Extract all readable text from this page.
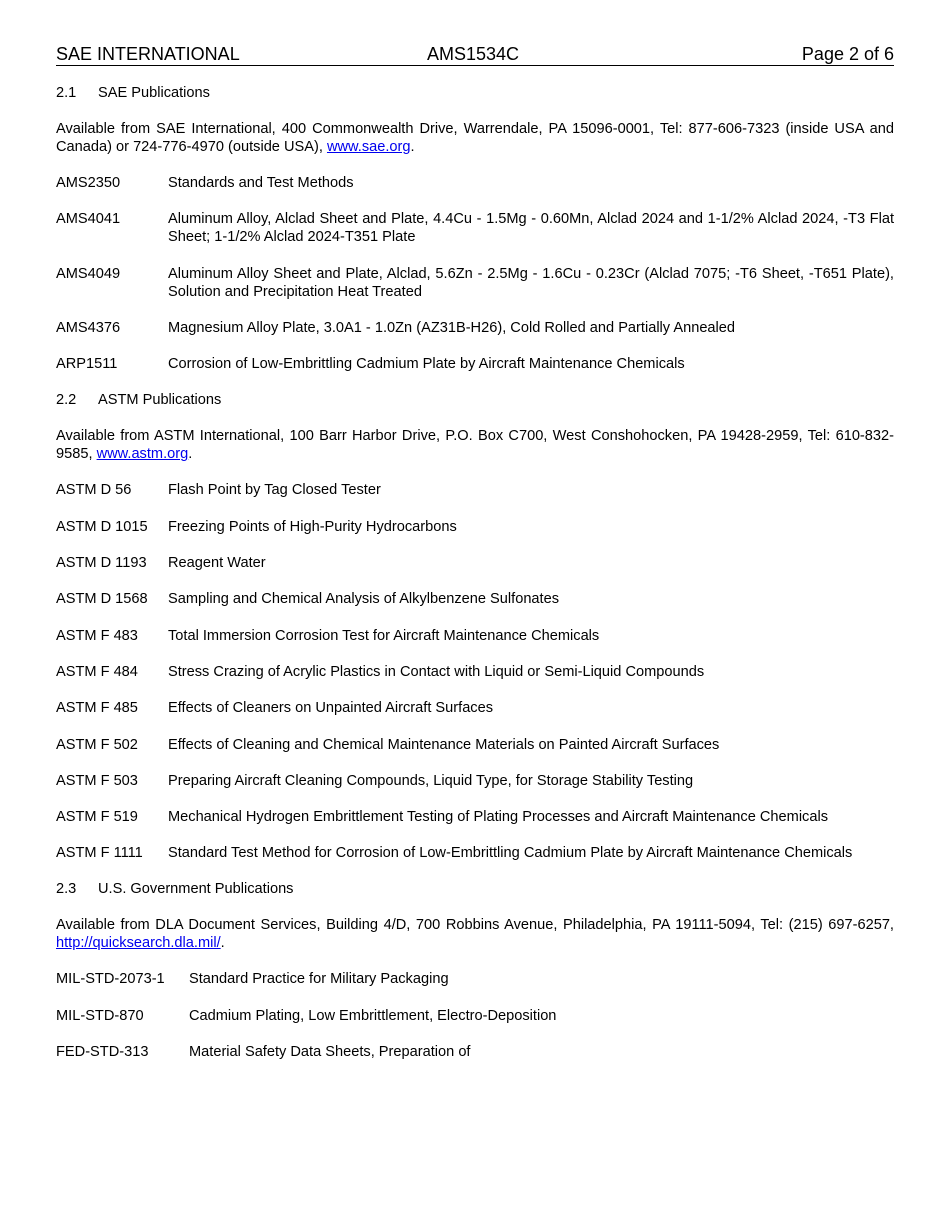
SAE INTERNATIONAL	AMS1534C	Page 2 of 6
2.1	SAE Publications
Available from SAE International, 400 Commonwealth Drive, Warrendale, PA 15096-0001, Tel: 877-606-7323 (inside USA and Canada) or 724-776-4970 (outside USA), www.sae.org.
AMS2350	Standards and Test Methods
AMS4041	Aluminum Alloy, Alclad Sheet and Plate, 4.4Cu - 1.5Mg - 0.60Mn, Alclad 2024 and 1-1/2% Alclad 2024, -T3 Flat Sheet; 1-1/2% Alclad 2024-T351 Plate
AMS4049	Aluminum Alloy Sheet and Plate, Alclad, 5.6Zn - 2.5Mg - 1.6Cu - 0.23Cr (Alclad 7075; -T6 Sheet, -T651 Plate), Solution and Precipitation Heat Treated
AMS4376	Magnesium Alloy Plate, 3.0A1 - 1.0Zn (AZ31B-H26), Cold Rolled and Partially Annealed
ARP1511	Corrosion of Low-Embrittling Cadmium Plate by Aircraft Maintenance Chemicals
2.2	ASTM Publications
Available from ASTM International, 100 Barr Harbor Drive, P.O. Box C700, West Conshohocken, PA 19428-2959, Tel: 610-832-9585, www.astm.org.
ASTM D 56	Flash Point by Tag Closed Tester
ASTM D 1015	Freezing Points of High-Purity Hydrocarbons
ASTM D 1193	Reagent Water
ASTM D 1568	Sampling and Chemical Analysis of Alkylbenzene Sulfonates
ASTM F 483	Total Immersion Corrosion Test for Aircraft Maintenance Chemicals
ASTM F 484	Stress Crazing of Acrylic Plastics in Contact with Liquid or Semi-Liquid Compounds
ASTM F 485	Effects of Cleaners on Unpainted Aircraft Surfaces
ASTM F 502	Effects of Cleaning and Chemical Maintenance Materials on Painted Aircraft Surfaces
ASTM F 503	Preparing Aircraft Cleaning Compounds, Liquid Type, for Storage Stability Testing
ASTM F 519	Mechanical Hydrogen Embrittlement Testing of Plating Processes and Aircraft Maintenance Chemicals
ASTM F 1111	Standard Test Method for Corrosion of Low-Embrittling Cadmium Plate by Aircraft Maintenance Chemicals
2.3	U.S. Government Publications
Available from DLA Document Services, Building 4/D, 700 Robbins Avenue, Philadelphia, PA 19111-5094, Tel: (215) 697-6257, http://quicksearch.dla.mil/.
MIL-STD-2073-1	Standard Practice for Military Packaging
MIL-STD-870	Cadmium Plating, Low Embrittlement, Electro-Deposition
FED-STD-313	Material Safety Data Sheets, Preparation of
